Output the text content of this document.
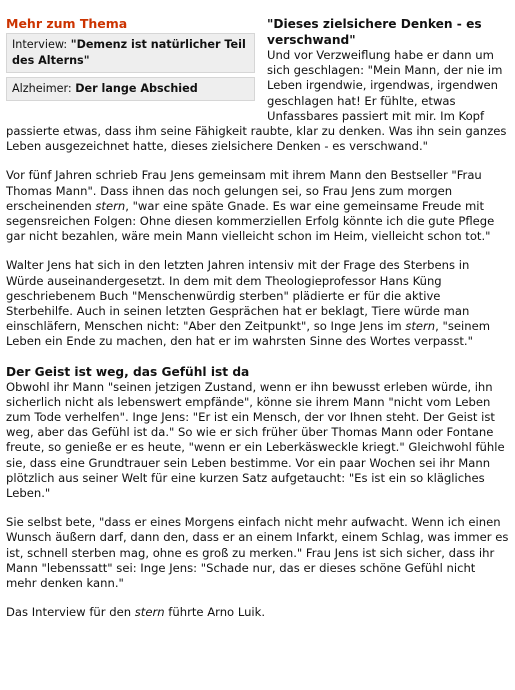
Mehr zum Thema
Interview: "Demenz ist natürlicher Teil des Alterns"
Alzheimer: Der lange Abschied
"Dieses zielsichere Denken - es verschwand"

Und vor Verzweiflung habe er dann um sich geschlagen: "Mein Mann, der nie im Leben irgendwie, irgendwas, irgendwen geschlagen hat! Er fühlte, etwas Unfassbares passiert mit mir. Im Kopf passierte etwas, dass ihm seine Fähigkeit raubte, klar zu denken. Was ihn sein ganzes Leben ausgezeichnet hatte, dieses zielsichere Denken - es verschwand."

Vor fünf Jahren schrieb Frau Jens gemeinsam mit ihrem Mann den Bestseller "Frau Thomas Mann". Dass ihnen das noch gelungen sei, so Frau Jens zum morgen erscheinenden stern, "war eine späte Gnade. Es war eine gemeinsame Freude mit segensreichen Folgen: Ohne diesen kommerziellen Erfolg könnte ich die gute Pflege gar nicht bezahlen, wäre mein Mann vielleicht schon im Heim, vielleicht schon tot."

Walter Jens hat sich in den letzten Jahren intensiv mit der Frage des Sterbens in Würde auseinandergesetzt. In dem mit dem Theologieprofessor Hans Küng geschriebenem Buch "Menschenwürdig sterben" plädierte er für die aktive Sterbehilfe. Auch in seinen letzten Gesprächen hat er beklagt, Tiere würde man einschläfern, Menschen nicht: "Aber den Zeitpunkt", so Inge Jens im stern, "seinem Leben ein Ende zu machen, den hat er im wahrsten Sinne des Wortes verpasst."

Der Geist ist weg, das Gefühl ist da

Obwohl ihr Mann "seinen jetzigen Zustand, wenn er ihn bewusst erleben würde, ihn sicherlich nicht als lebenswert empfände", könne sie ihrem Mann "nicht vom Leben zum Tode verhelfen". Inge Jens: "Er ist ein Mensch, der vor Ihnen steht. Der Geist ist weg, aber das Gefühl ist da." So wie er sich früher über Thomas Mann oder Fontane freute, so genieße er es heute, "wenn er ein Leberkäsweckle kriegt." Gleichwohl fühle sie, dass eine Grundtrauer sein Leben bestimme. Vor ein paar Wochen sei ihr Mann plötzlich aus seiner Welt für eine kurzen Satz aufgetaucht: "Es ist ein so klägliches Leben."

Sie selbst bete, "dass er eines Morgens einfach nicht mehr aufwacht. Wenn ich einen Wunsch äußern darf, dann den, dass er an einem Infarkt, einem Schlag, was immer es ist, schnell sterben mag, ohne es groß zu merken." Frau Jens ist sich sicher, dass ihr Mann "lebenssatt" sei: Inge Jens: "Schade nur, das er dieses schöne Gefühl nicht mehr denken kann."

Das Interview für den stern führte Arno Luik.
